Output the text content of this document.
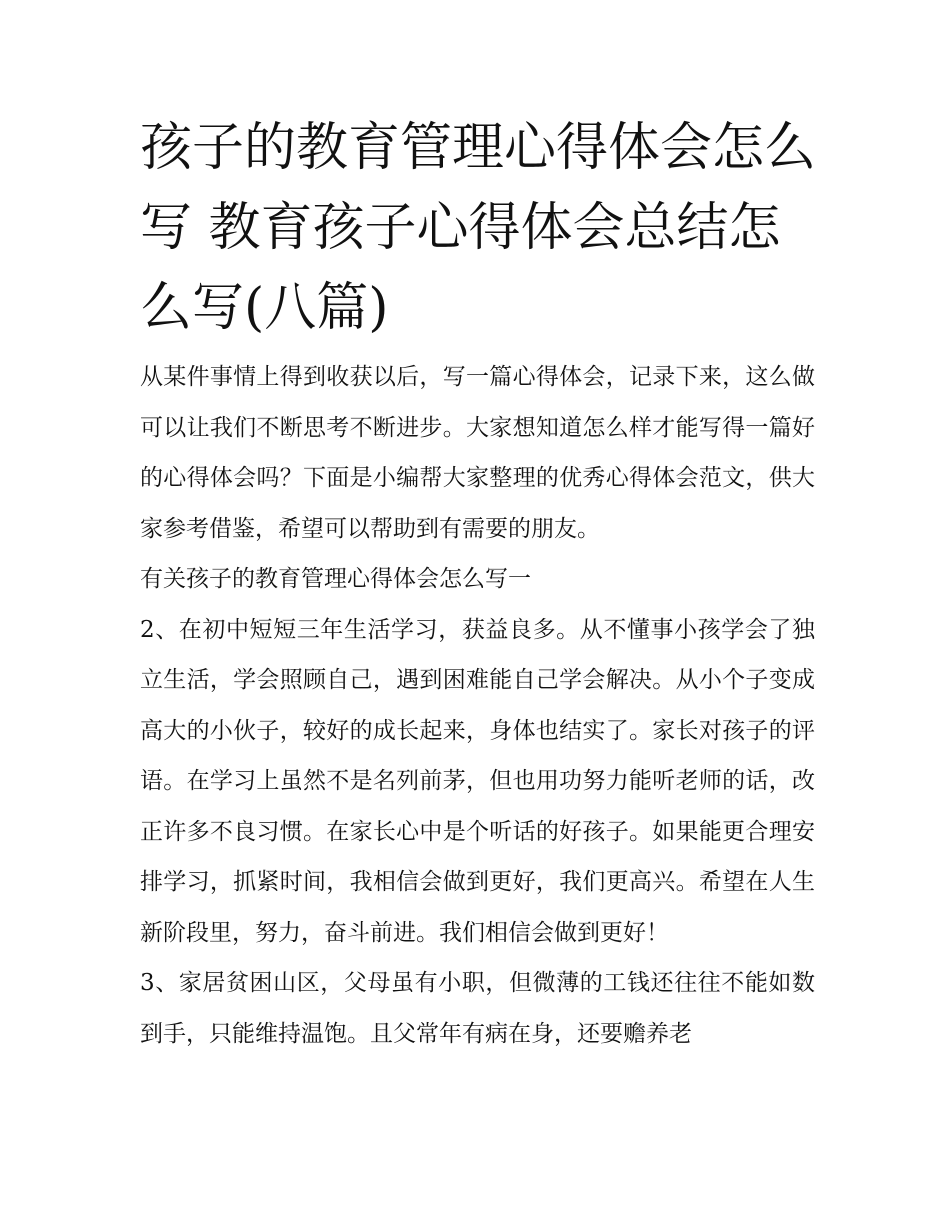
孩子的教育管理心得体会怎么写 教育孩子心得体会总结怎么写(八篇)

从某件事情上得到收获以后，写一篇心得体会，记录下来，这么做可以让我们不断思考不断进步。大家想知道怎么样才能写得一篇好的心得体会吗？下面是小编帮大家整理的优秀心得体会范文，供大家参考借鉴，希望可以帮助到有需要的朋友。

有关孩子的教育管理心得体会怎么写一

2、在初中短短三年生活学习，获益良多。从不懂事小孩学会了独立生活，学会照顾自己，遇到困难能自己学会解决。从小个子变成高大的小伙子，较好的成长起来，身体也结实了。家长对孩子的评语。在学习上虽然不是名列前茅，但也用功努力能听老师的话，改正许多不良习惯。在家长心中是个听话的好孩子。如果能更合理安排学习，抓紧时间，我相信会做到更好，我们更高兴。希望在人生新阶段里，努力，奋斗前进。我们相信会做到更好！

3、家居贫困山区，父母虽有小职，但微薄的工钱还往往不能如数到手，只能维持温饱。且父常年有病在身，还要赡养老
